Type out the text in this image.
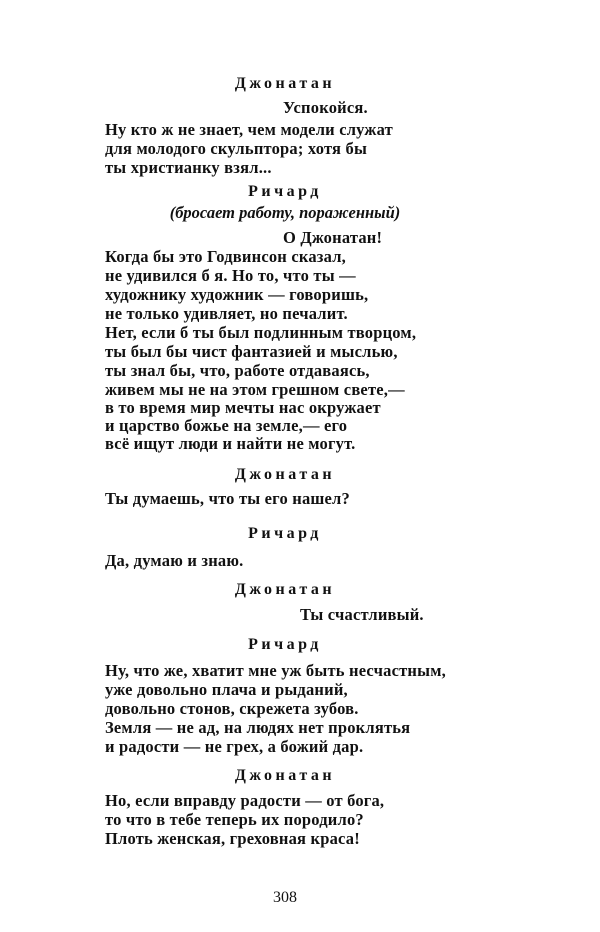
Джонатан
Успокойся.
Ну кто ж не знает, чем модели служат
для молодого скульптора; хотя бы
ты христианку взял...
Ричард
(бросает работу, пораженный)
О Джонатан!
Когда бы это Годвинсон сказал,
не удивился б я. Но то, что ты —
художнику художник — говоришь,
не только удивляет, но печалит.
Нет, если б ты был подлинным творцом,
ты был бы чист фантазией и мыслью,
ты знал бы, что, работе отдаваясь,
живем мы не на этом грешном свете,—
в то время мир мечты нас окружает
и царство божье на земле,— его
всё ищут люди и найти не могут.
Джонатан
Ты думаешь, что ты его нашел?
Ричард
Да, думаю и знаю.
Джонатан
Ты счастливый.
Ричард
Ну, что же, хватит мне уж быть несчастным,
уже довольно плача и рыданий,
довольно стонов, скрежета зубов.
Земля — не ад, на людях нет проклятья
и радости — не грех, а божий дар.
Джонатан
Но, если вправду радости — от бога,
то что в тебе теперь их породило?
Плоть женская, греховная краса!
308
